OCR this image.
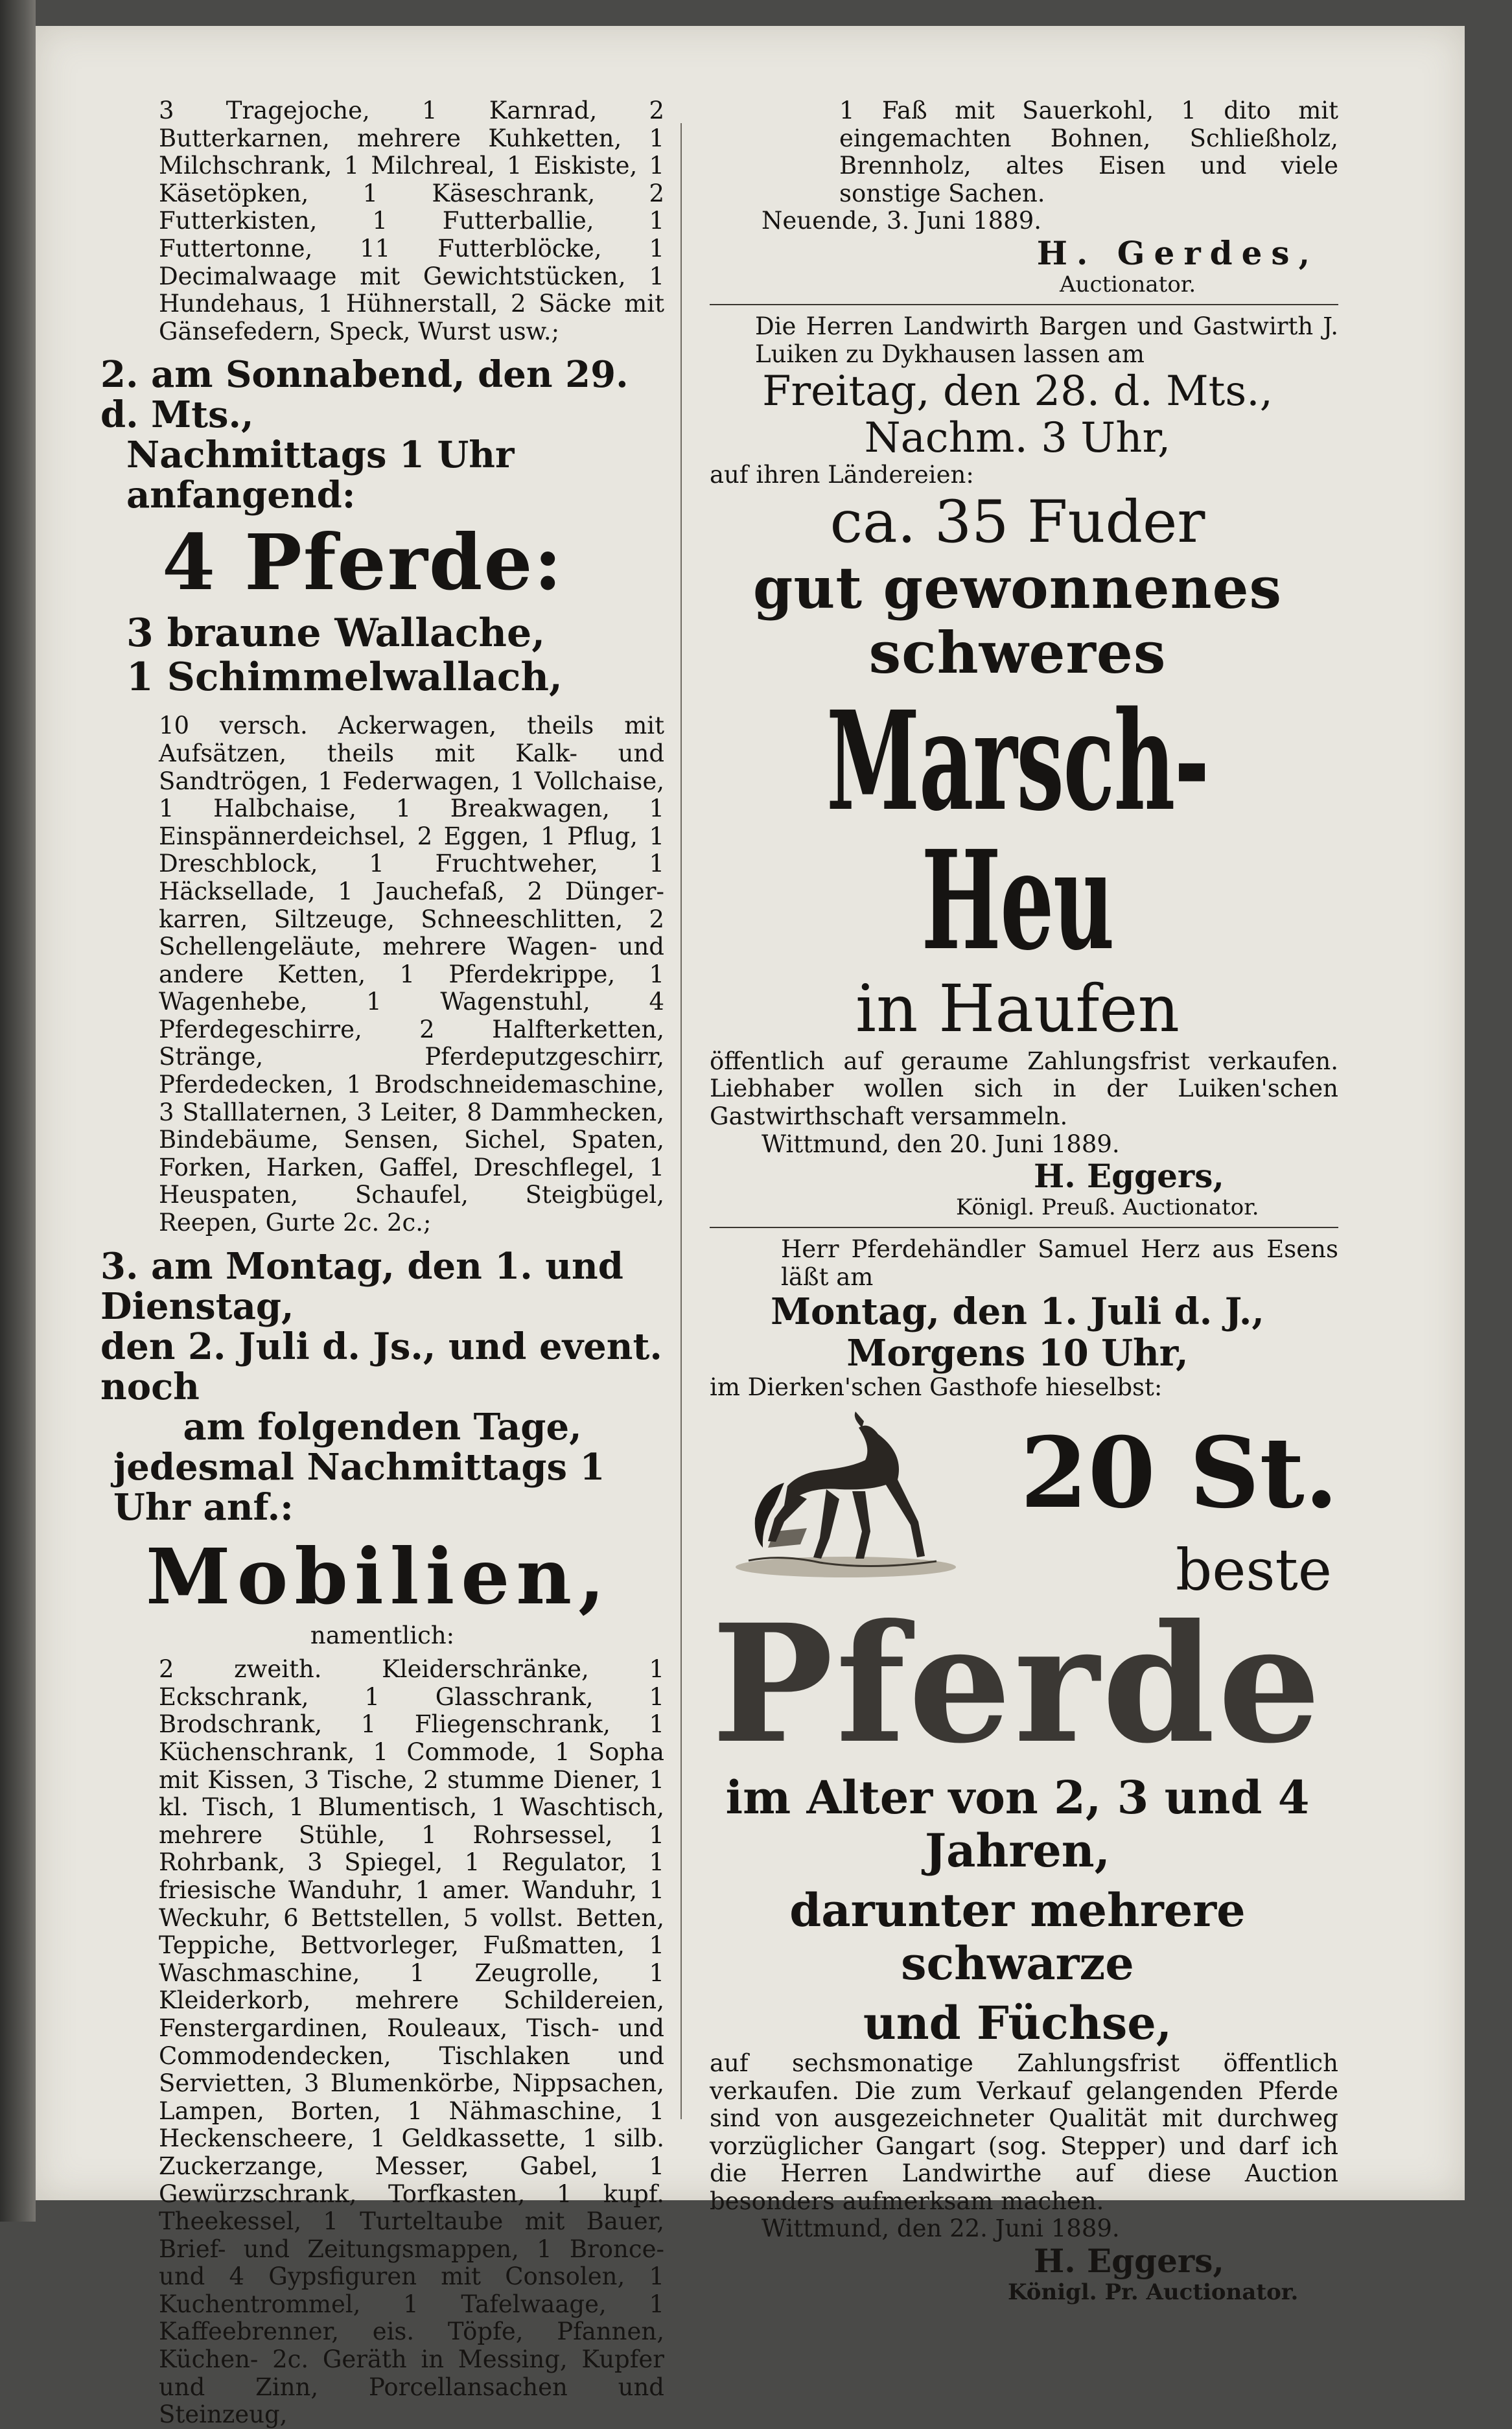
3 Tragejoche, 1 Karnrad, 2 Butterkarnen, mehrere Kuhketten, 1 Milchschrank, 1 Milchreal, 1 Eiskiste, 1 Käsetöpken, 1 Käseschrank, 2 Futterkisten, 1 Futterballie, 1 Futtertonne, 11 Futterblöcke, 1 Decimalwaage mit Gewichtstücken, 1 Hundehaus, 1 Hühnerstall, 2 Säcke mit Gänsefedern, Speck, Wurst usw.;

2. am Sonnabend, den 29. d. Mts.,

Nachmittags 1 Uhr anfangend:

4 Pferde:

3 braune Wallache,

1 Schimmelwallach,

10 versch. Ackerwagen, theils mit Aufsätzen, theils mit Kalk- und Sandtrögen, 1 Federwagen, 1 Vollchaise, 1 Halbchaise, 1 Breakwagen, 1 Einspännerdeichsel, 2 Eggen, 1 Pflug, 1 Dreschblock, 1 Fruchtweher, 1 Häcksellade, 1 Jauchefaß, 2 Dünger-karren, Siltzeuge, Schneeschlitten, 2 Schellengeläute, mehrere Wagen- und andere Ketten, 1 Pferdekrippe, 1 Wagenhebe, 1 Wagenstuhl, 4 Pferdegeschirre, 2 Halfterketten, Stränge, Pferdeputzgeschirr, Pferdedecken, 1 Brodschneidemaschine, 3 Stalllaternen, 3 Leiter, 8 Dammhecken, Bindebäume, Sensen, Sichel, Spaten, Forken, Harken, Gaffel, Dreschflegel, 1 Heuspaten, Schaufel, Steigbügel, Reepen, Gurte 2c. 2c.;

3. am Montag, den 1. und Dienstag,

den 2. Juli d. Js., und event. noch

am folgenden Tage,

jedesmal Nachmittags 1 Uhr anf.:

Mobilien,

namentlich:

2 zweith. Kleiderschränke, 1 Eckschrank, 1 Glasschrank, 1 Brodschrank, 1 Fliegenschrank, 1 Küchenschrank, 1 Commode, 1 Sopha mit Kissen, 3 Tische, 2 stumme Diener, 1 kl. Tisch, 1 Blumentisch, 1 Waschtisch, mehrere Stühle, 1 Rohrsessel, 1 Rohrbank, 3 Spiegel, 1 Regulator, 1 friesische Wanduhr, 1 amer. Wanduhr, 1 Weckuhr, 6 Bettstellen, 5 vollst. Betten, Teppiche, Bettvorleger, Fußmatten, 1 Waschmaschine, 1 Zeugrolle, 1 Kleiderkorb, mehrere Schildereien, Fenstergardinen, Rouleaux, Tisch- und Commodendecken, Tischlaken und Servietten, 3 Blumenkörbe, Nippsachen, Lampen, Borten, 1 Nähmaschine, 1 Heckenscheere, 1 Geldkassette, 1 silb. Zuckerzange, Messer, Gabel, 1 Gewürzschrank, Torfkasten, 1 kupf. Theekessel, 1 Turteltaube mit Bauer, Brief- und Zeitungsmappen, 1 Bronce- und 4 Gypsfiguren mit Consolen, 1 Kuchentrommel, 1 Tafelwaage, 1 Kaffeebrenner, eis. Töpfe, Pfannen, Küchen- 2c. Geräth in Messing, Kupfer und Zinn, Porcellansachen und Steinzeug,

1 Faß mit Sauerkohl, 1 dito mit eingemachten Bohnen, Schließholz, Brennholz, altes Eisen und viele sonstige Sachen.

Neuende, 3. Juni 1889.

H. Gerdes,

Auctionator.

Die Herren Landwirth Bargen und Gastwirth J. Luiken zu Dykhausen lassen am

Freitag, den 28. d. Mts.,

Nachm. 3 Uhr,

auf ihren Ländereien:

ca. 35 Fuder

gut gewonnenes schweres

Marsch-Heu

in Haufen

öffentlich auf geraume Zahlungsfrist verkaufen. Liebhaber wollen sich in der Luiken'schen Gastwirthschaft versammeln.

Wittmund, den 20. Juni 1889.

H. Eggers,

Königl. Preuß. Auctionator.

Herr Pferdehändler Samuel Herz aus Esens läßt am

Montag, den 1. Juli d. J.,

Morgens 10 Uhr,

im Dierken'schen Gasthofe hieselbst:

20 St.
beste

Pferde

im Alter von 2, 3 und 4 Jahren,

darunter mehrere schwarze

und Füchse,

auf sechsmonatige Zahlungsfrist öffentlich verkaufen. Die zum Verkauf gelangenden Pferde sind von ausgezeichneter Qualität mit durchweg vorzüglicher Gangart (sog. Stepper) und darf ich die Herren Landwirthe auf diese Auction besonders aufmerksam machen.

Wittmund, den 22. Juni 1889.

H. Eggers,

Königl. Pr. Auctionator.
